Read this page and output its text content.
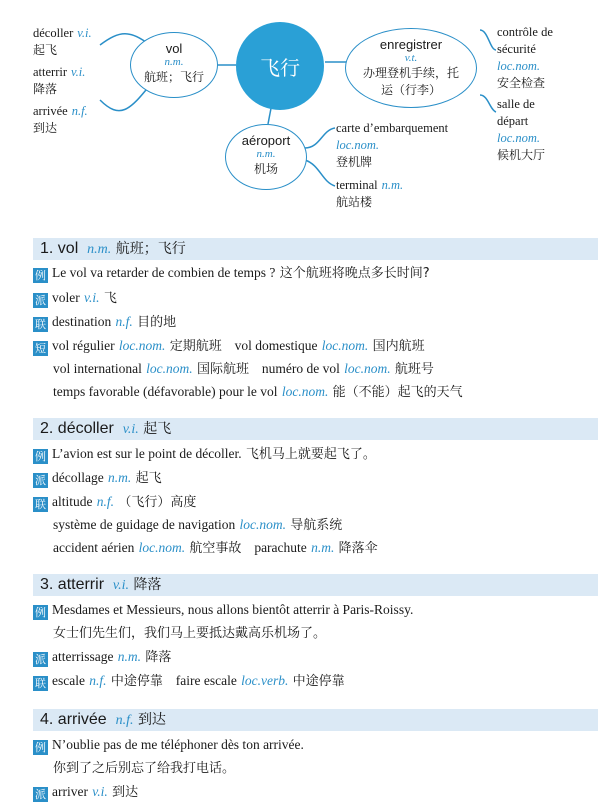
décoller v.i.
起飞
atterrir v.i.
降落
arrivée n.f.
到达
vol
n.m.
航班；飞行	飞行
enregistrer
v.t.
办理登机手续，托
运（行李）
aéroport
n.m.
机场
carte d’embarquement
loc.nom.
登机牌
terminal n.m.
航站楼
contrôle de
sécurité
loc.nom.
安全检查
salle de
départ
loc.nom.
候机大厅
1. vol n.m. 航班；飞行
例 Le vol va retarder de combien de temps ? 这个航班将晚点多长时间?
派 voler v.i. 飞
联 destination n.f. 目的地
短 vol régulier loc.nom. 定期航班 vol domestique loc.nom. 国内航班
vol international loc.nom. 国际航班 numéro de vol loc.nom. 航班号
temps favorable (défavorable) pour le vol loc.nom. 能（不能）起飞的天气
2. décoller v.i. 起飞
例 L’avion est sur le point de décoller. 飞机马上就要起飞了。
派 décollage n.m. 起飞
联 altitude n.f. （飞行）高度
système de guidage de navigation loc.nom. 导航系统
accident aérien loc.nom. 航空事故 parachute n.m. 降落伞
3. atterrir v.i. 降落
例 Mesdames et Messieurs, nous allons bientôt atterrir à Paris-Roissy.
女士们先生们，我们马上要抵达戴高乐机场了。
派 atterrissage n.m. 降落
联 escale n.f. 中途停靠 faire escale loc.verb. 中途停靠
4. arrivée n.f. 到达
例 N’oublie pas de me téléphoner dès ton arrivée.
你到了之后别忘了给我打电话。
派 arriver v.i. 到达
